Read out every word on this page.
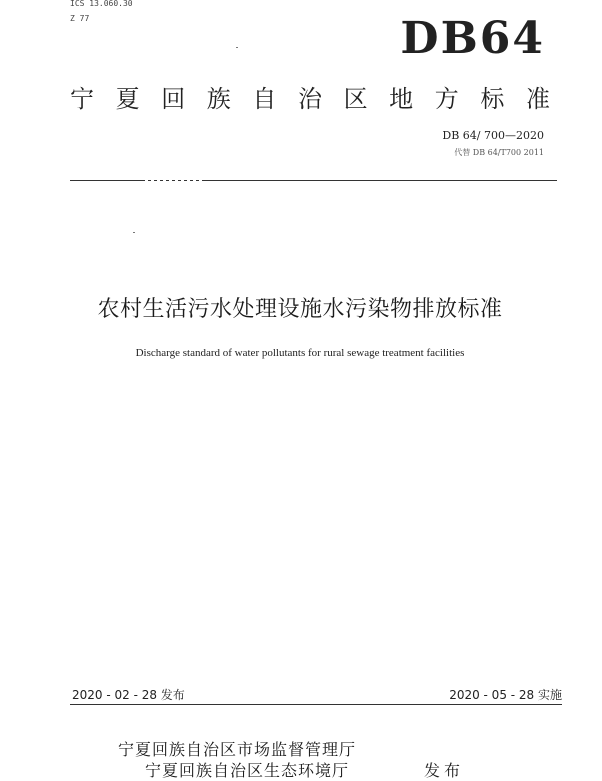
ICS 13.060.30
Z 77	DB64
宁 夏 回 族 自 治 区 地 方 标 准
DB 64/ 700—2020
代替 DB 64/T700 2011
农村生活污水处理设施水污染物排放标准
Discharge standard of water pollutants for rural sewage treatment facilities
2020 - 02 - 28 发布	2020 - 05 - 28 实施
宁夏回族自治区市场监督管理厅
宁夏回族自治区生态环境厅	发布
